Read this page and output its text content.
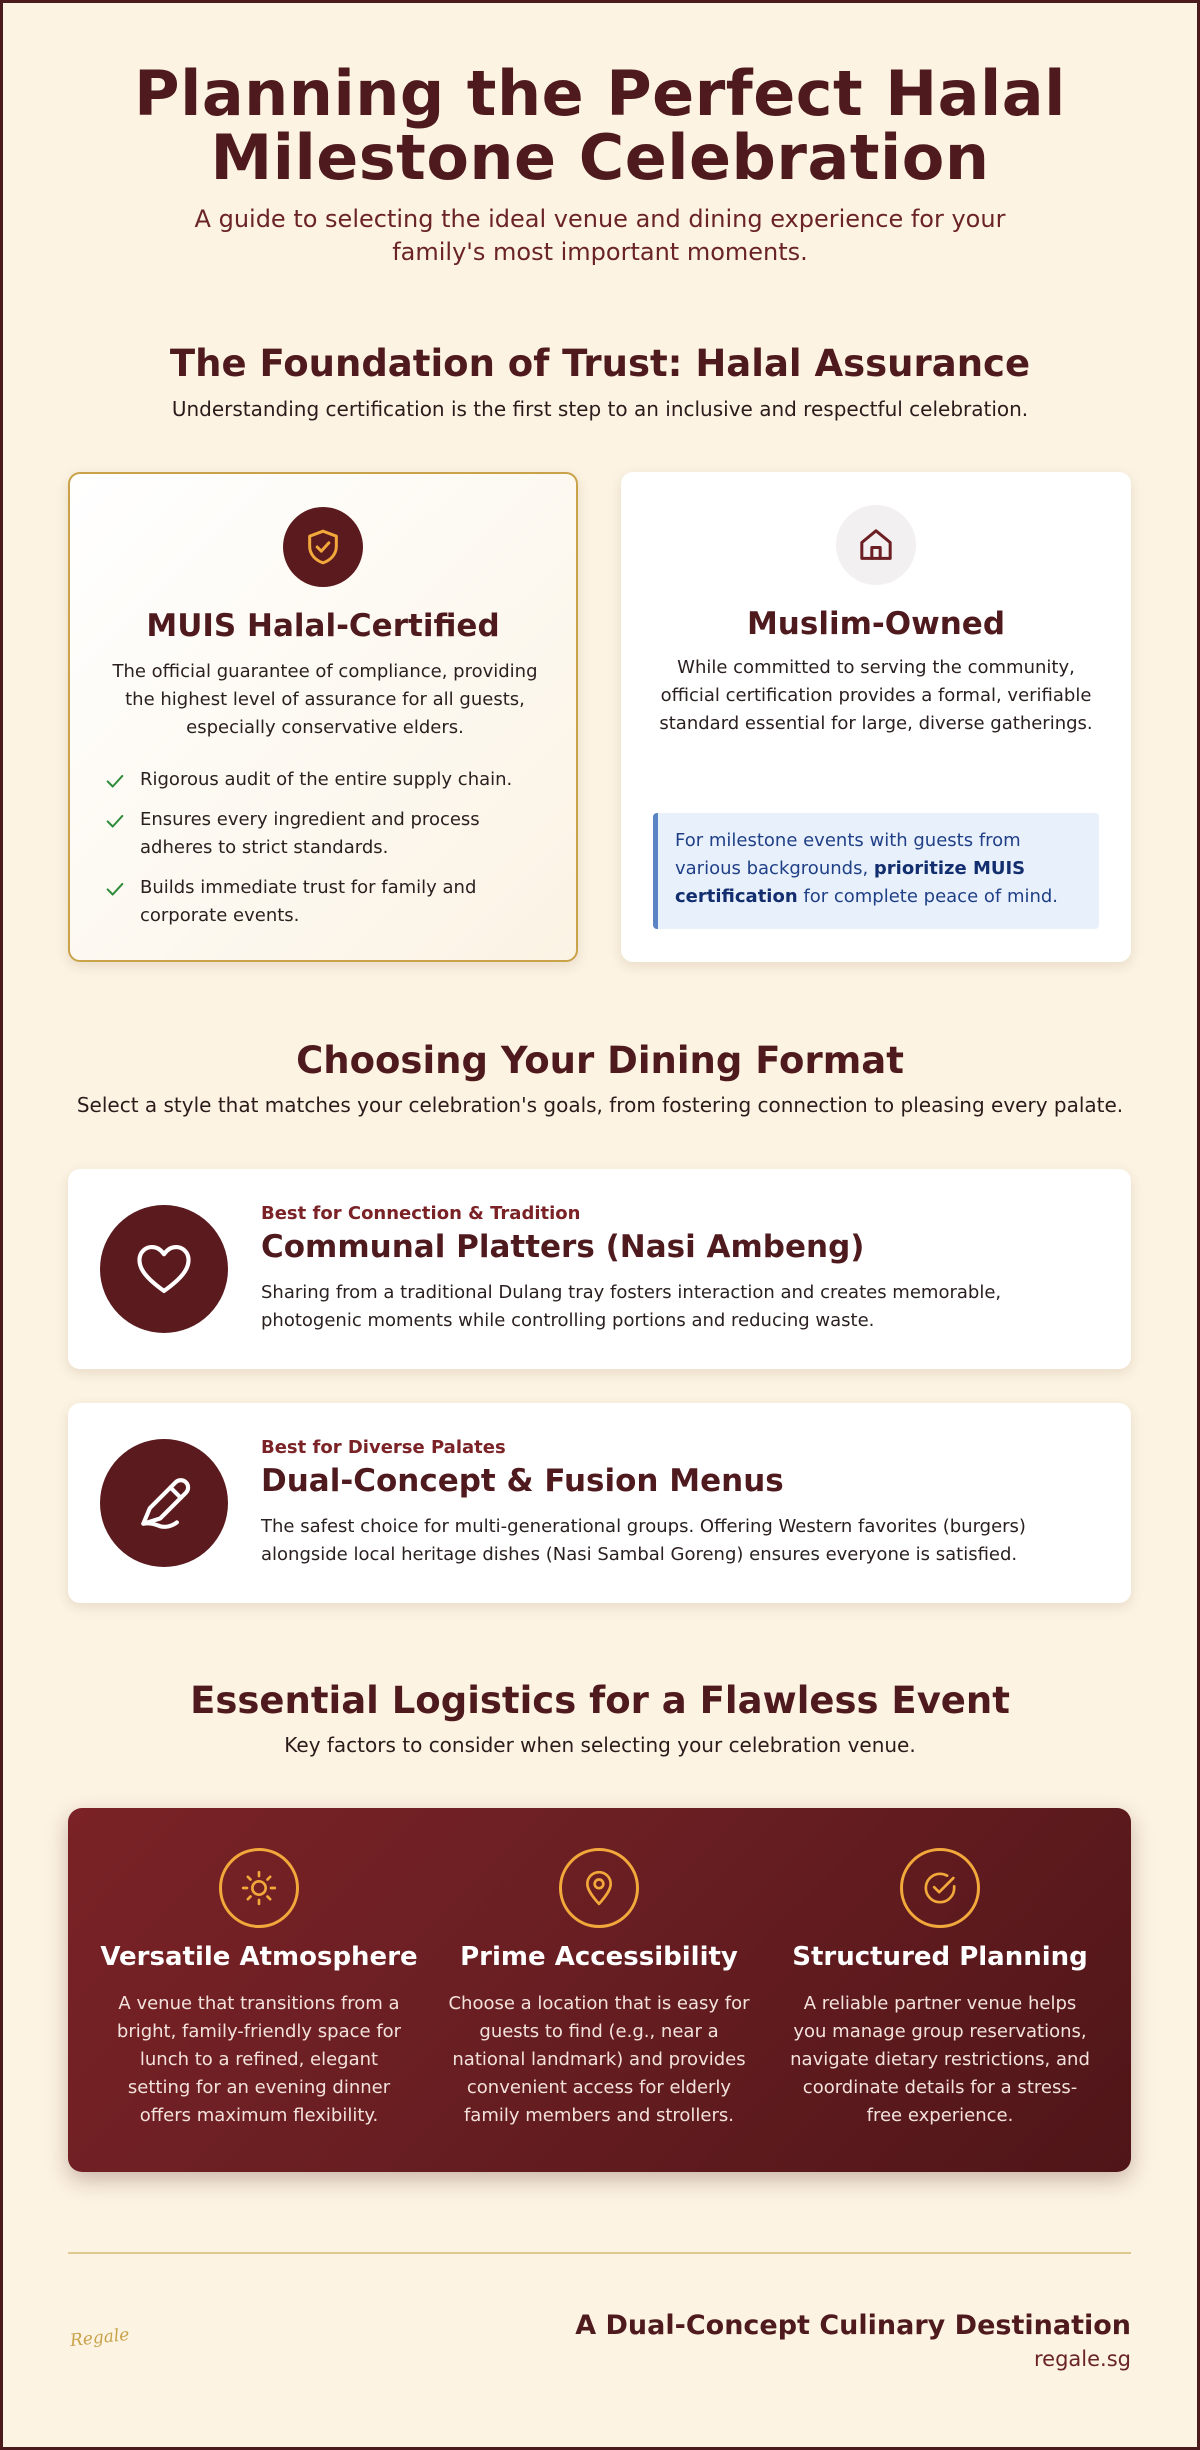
Planning the Perfect Halal
Milestone Celebration

A guide to selecting the ideal venue and dining experience for your
family's most important moments.

The Foundation of Trust: Halal Assurance

Understanding certification is the first step to an inclusive and respectful celebration.

MUIS Halal-Certified
The official guarantee of compliance, providing
the highest level of assurance for all guests,
especially conservative elders.
Rigorous audit of the entire supply chain.
Ensures every ingredient and process
adheres to strict standards.
Builds immediate trust for family and
corporate events.
Muslim-Owned
While committed to serving the community,
official certification provides a formal, verifiable
standard essential for large, diverse gatherings.
For milestone events with guests from
various backgrounds, prioritize MUIS
certification for complete peace of mind.
Choosing Your Dining Format

Select a style that matches your celebration's goals, from fostering connection to pleasing every palate.

Best for Connection & Tradition
Communal Platters (Nasi Ambeng)
Sharing from a traditional Dulang tray fosters interaction and creates memorable,
photogenic moments while controlling portions and reducing waste.
Best for Diverse Palates
Dual-Concept & Fusion Menus
The safest choice for multi-generational groups. Offering Western favorites (burgers)
alongside local heritage dishes (Nasi Sambal Goreng) ensures everyone is satisfied.
Essential Logistics for a Flawless Event

Key factors to consider when selecting your celebration venue.

Versatile Atmosphere
A venue that transitions from a
bright, family-friendly space for
lunch to a refined, elegant
setting for an evening dinner
offers maximum flexibility.
Prime Accessibility
Choose a location that is easy for
guests to find (e.g., near a
national landmark) and provides
convenient access for elderly
family members and strollers.
Structured Planning
A reliable partner venue helps
you manage group reservations,
navigate dietary restrictions, and
coordinate details for a stress-
free experience.
Regale	A Dual-Concept Culinary Destination
regale.sg
